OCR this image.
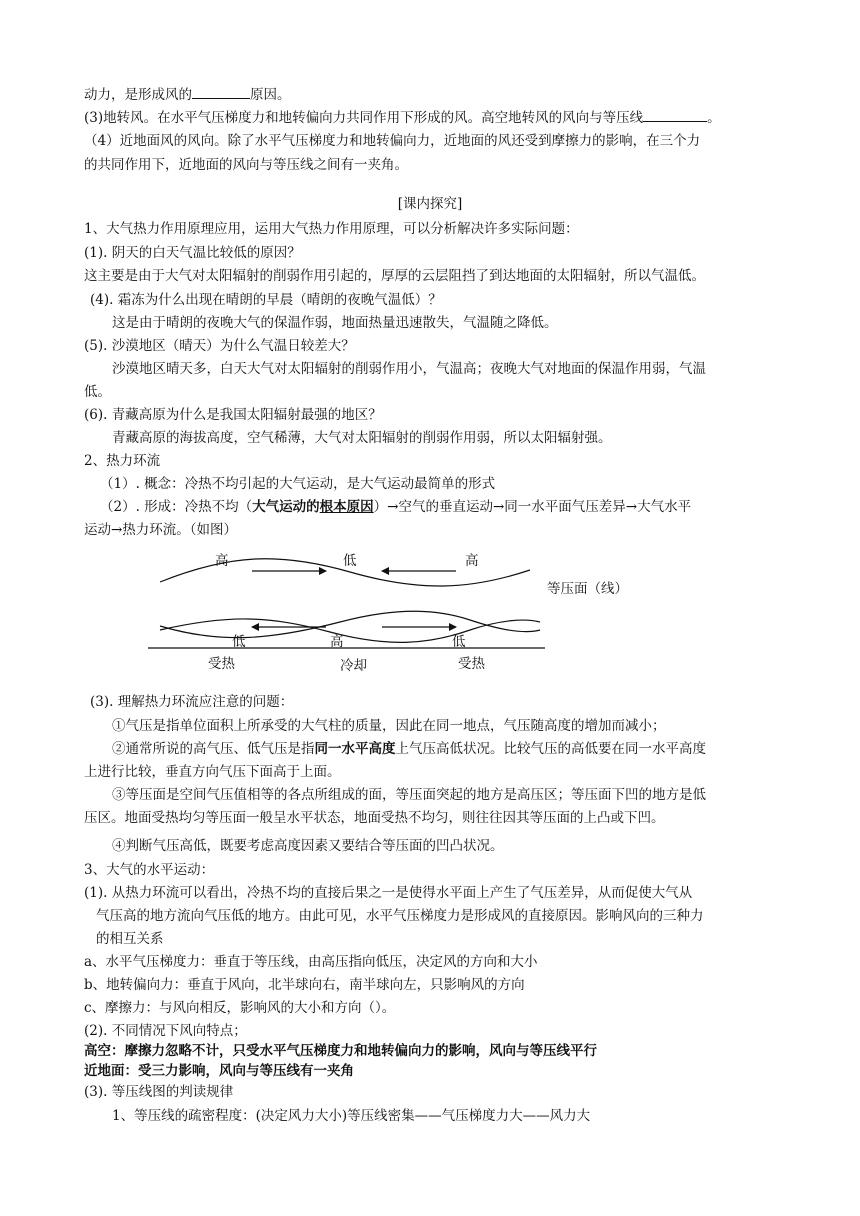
动力，是形成风的	原因。
(3)地转风。在水平气压梯度力和地转偏向力共同作用下形成的风。高空地转风的风向与等压线	。
（4）近地面风的风向。除了水平气压梯度力和地转偏向力，近地面的风还受到摩擦力的影响，在三个力
的共同作用下，近地面的风向与等压线之间有一夹角。
[课内探究]
1、大气热力作用原理应用，运用大气热力作用原理，可以分析解决许多实际问题：
(1). 阴天的白天气温比较低的原因？
这主要是由于大气对太阳辐射的削弱作用引起的，厚厚的云层阻挡了到达地面的太阳辐射，所以气温低。
(4). 霜冻为什么出现在晴朗的早晨（晴朗的夜晚气温低）？
这是由于晴朗的夜晚大气的保温作弱，地面热量迅速散失，气温随之降低。
(5). 沙漠地区（晴天）为什么气温日较差大？
沙漠地区晴天多，白天大气对太阳辐射的削弱作用小，气温高；夜晚大气对地面的保温作用弱，气温
低。
(6). 青藏高原为什么是我国太阳辐射最强的地区？
青藏高原的海拔高度，空气稀薄，大气对太阳辐射的削弱作用弱，所以太阳辐射强。
2、热力环流
（1）. 概念：冷热不均引起的大气运动，是大气运动最简单的形式
（2）. 形成：冷热不均（大气运动的根本原因）→空气的垂直运动→同一水平面气压差异→大气水平
运动→热力环流。（如图）
高	低	高
等压面（线）
低	高	低
受热	冷却	受热
(3). 理解热力环流应注意的问题：
①气压是指单位面积上所承受的大气柱的质量，因此在同一地点，气压随高度的增加而减小；
②通常所说的高气压、低气压是指同一水平高度上气压高低状况。比较气压的高低要在同一水平高度
上进行比较，垂直方向气压下面高于上面。
③等压面是空间气压值相等的各点所组成的面，等压面突起的地方是高压区；等压面下凹的地方是低
压区。地面受热均匀等压面一般呈水平状态，地面受热不均匀，则往往因其等压面的上凸或下凹。
④判断气压高低，既要考虑高度因素又要结合等压面的凹凸状况。
3、大气的水平运动：
(1). 从热力环流可以看出，冷热不均的直接后果之一是使得水平面上产生了气压差异，从而促使大气从
气压高的地方流向气压低的地方。由此可见，水平气压梯度力是形成风的直接原因。影响风向的三种力
的相互关系
a、水平气压梯度力：垂直于等压线，由高压指向低压，决定风的方向和大小
b、地转偏向力：垂直于风向，北半球向右，南半球向左，只影响风的方向
c、摩擦力：与风向相反，影响风的大小和方向（）。
(2). 不同情况下风向特点；
高空：摩擦力忽略不计，只受水平气压梯度力和地转偏向力的影响，风向与等压线平行
近地面：受三力影响，风向与等压线有一夹角
(3). 等压线图的判读规律
1、等压线的疏密程度：(决定风力大小)等压线密集——气压梯度力大——风力大
